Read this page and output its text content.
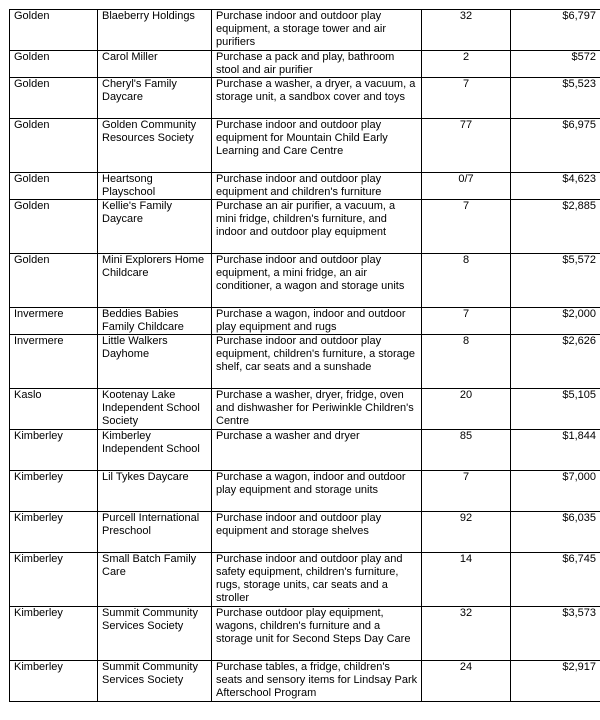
Golden	Blaeberry Holdings	Purchase indoor and outdoor play equipment, a storage tower and air purifiers	32	$6,797
Golden	Carol Miller	Purchase a pack and play, bathroom stool and air purifier	2	$572
Golden	Cheryl's Family Daycare	Purchase a washer, a dryer, a vacuum, a storage unit, a sandbox cover and toys	7	$5,523
Golden	Golden Community Resources Society	Purchase indoor and outdoor play equipment for Mountain Child Early Learning and Care Centre	77	$6,975
Golden	Heartsong Playschool	Purchase indoor and outdoor play equipment and children's furniture	0/7	$4,623
Golden	Kellie's Family Daycare	Purchase an air purifier, a vacuum, a mini fridge, children's furniture, and indoor and outdoor play equipment	7	$2,885
Golden	Mini Explorers Home Childcare	Purchase indoor and outdoor play equipment, a mini fridge, an air conditioner, a wagon and storage units	8	$5,572
Invermere	Beddies Babies Family Childcare	Purchase a wagon, indoor and outdoor play equipment and rugs	7	$2,000
Invermere	Little Walkers Dayhome	Purchase indoor and outdoor play equipment, children's furniture, a storage shelf, car seats and a sunshade	8	$2,626
Kaslo	Kootenay Lake Independent School Society	Purchase a washer, dryer, fridge, oven and dishwasher for Periwinkle Children's Centre	20	$5,105
Kimberley	Kimberley Independent School	Purchase a washer and dryer	85	$1,844
Kimberley	Lil Tykes Daycare	Purchase a wagon, indoor and outdoor play equipment and storage units	7	$7,000
Kimberley	Purcell International Preschool	Purchase indoor and outdoor play equipment and storage shelves	92	$6,035
Kimberley	Small Batch Family Care	Purchase indoor and outdoor play and safety equipment, children's furniture, rugs, storage units, car seats and a stroller	14	$6,745
Kimberley	Summit Community Services Society	Purchase outdoor play equipment, wagons, children's furniture and a storage unit for Second Steps Day Care	32	$3,573
Kimberley	Summit Community Services Society	Purchase tables, a fridge, children's seats and sensory items for Lindsay Park Afterschool Program	24	$2,917
